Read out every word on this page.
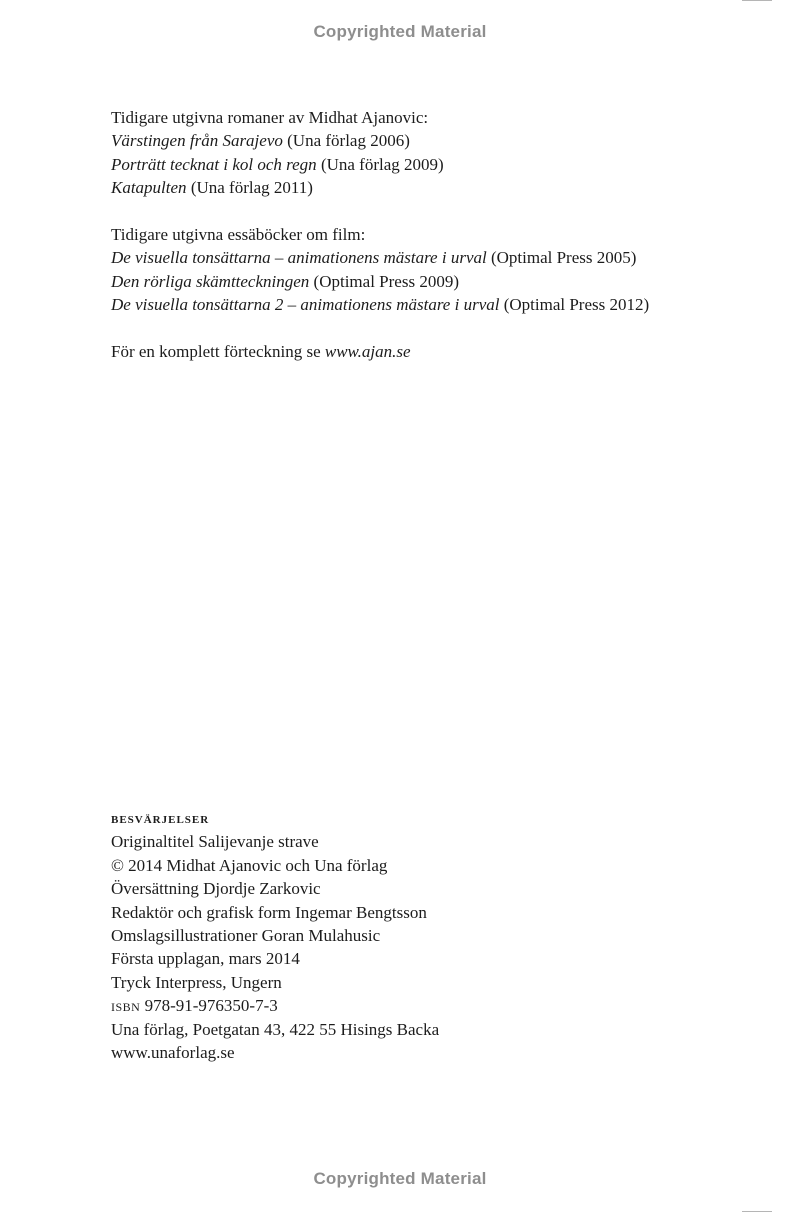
Copyrighted Material

Tidigare utgivna romaner av Midhat Ajanovic:

Värstingen från Sarajevo (Una förlag 2006)

Porträtt tecknat i kol och regn (Una förlag 2009)

Katapulten (Una förlag 2011)

Tidigare utgivna essäböcker om film:

De visuella tonsättarna – animationens mästare i urval (Optimal Press 2005)

Den rörliga skämtteckningen (Optimal Press 2009)

De visuella tonsättarna 2 – animationens mästare i urval (Optimal Press 2012)

För en komplett förteckning se www.ajan.se

besvärjelser

Originaltitel Salijevanje strave

© 2014 Midhat Ajanovic och Una förlag

Översättning Djordje Zarkovic

Redaktör och grafisk form Ingemar Bengtsson

Omslagsillustrationer Goran Mulahusic

Första upplagan, mars 2014

Tryck Interpress, Ungern

isbn 978-91-976350-7-3

Una förlag, Poetgatan 43, 422 55 Hisings Backa

www.unaforlag.se

Copyrighted Material
